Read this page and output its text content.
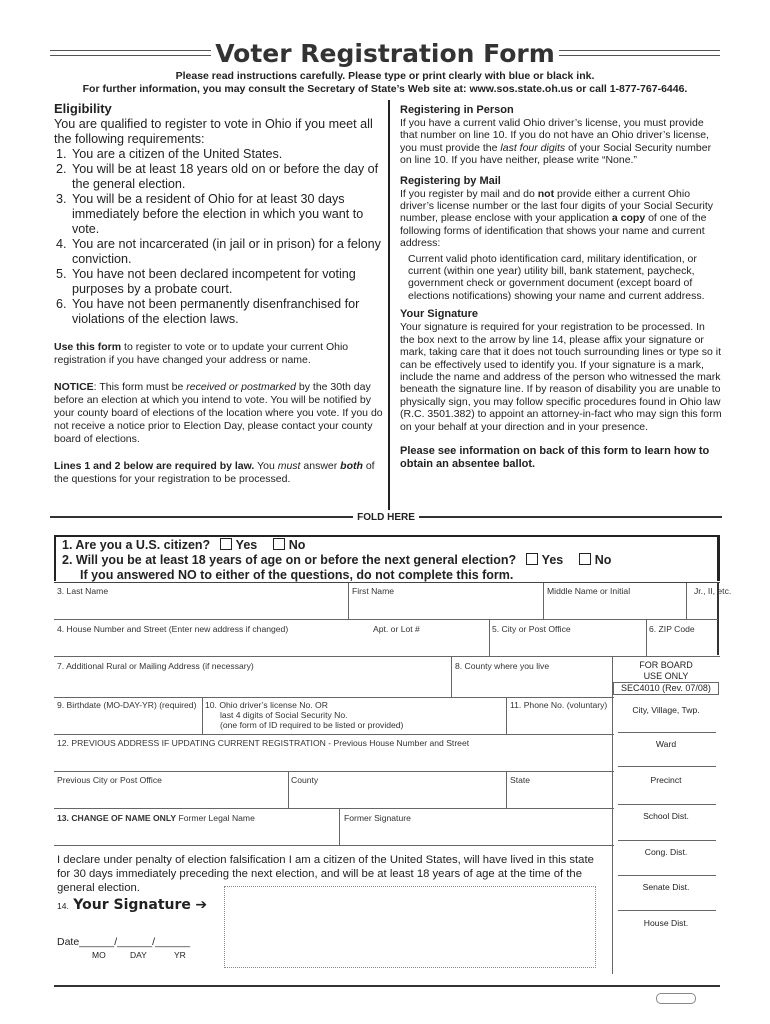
Voter Registration Form
Please read instructions carefully. Please type or print clearly with blue or black ink.
For further information, you may consult the Secretary of State’s Web site at: www.sos.state.oh.us or call 1-877-767-6446.
Eligibility
You are qualified to register to vote in Ohio if you meet all the following requirements:
1. You are a citizen of the United States.
2. You will be at least 18 years old on or before the day of the general election.
3. You will be a resident of Ohio for at least 30 days immediately before the election in which you want to vote.
4. You are not incarcerated (in jail or in prison) for a felony conviction.
5. You have not been declared incompetent for voting purposes by a probate court.
6. You have not been permanently disenfranchised for violations of the election laws.
Use this form to register to vote or to update your current Ohio registration if you have changed your address or name.
NOTICE: This form must be received or postmarked by the 30th day before an election at which you intend to vote. You will be notified by your county board of elections of the location where you vote. If you do not receive a notice prior to Election Day, please contact your county board of elections.
Lines 1 and 2 below are required by law. You must answer both of the questions for your registration to be processed.
Registering in Person
If you have a current valid Ohio driver’s license, you must provide that number on line 10. If you do not have an Ohio driver’s license, you must provide the last four digits of your Social Security number on line 10. If you have neither, please write “None.”
Registering by Mail
If you register by mail and do not provide either a current Ohio driver’s license number or the last four digits of your Social Security number, please enclose with your application a copy of one of the following forms of identification that shows your name and current address:
Current valid photo identification card, military identification, or current (within one year) utility bill, bank statement, paycheck, government check or government document (except board of elections notifications) showing your name and current address.
Your Signature
Your signature is required for your registration to be processed. In the box next to the arrow by line 14, please affix your signature or mark, taking care that it does not touch surrounding lines or type so it can be effectively used to identify you. If your signature is a mark, include the name and address of the person who witnessed the mark beneath the signature line. If by reason of disability you are unable to physically sign, you may follow specific procedures found in Ohio law (R.C. 3501.382) to appoint an attorney-in-fact who may sign this form on your behalf at your direction and in your presence.
Please see information on back of this form to learn how to obtain an absentee ballot.
FOLD HERE
1. Are you a U.S. citizen? Yes	No
2. Will you be at least 18 years of age on or before the next general election? Yes	No
If you answered NO to either of the questions, do not complete this form.
3. Last Name	First Name	Middle Name or Initial	Jr., II, etc.
4. House Number and Street (Enter new address if changed)	Apt. or Lot #	5. City or Post Office	6. ZIP Code
7. Additional Rural or Mailing Address (if necessary)	8. County where you live
9. Birthdate (MO-DAY-YR) (required) 10. Ohio driver’s license No. OR
last 4 digits of Social Security No.
(one form of ID required to be listed or provided)
11. Phone No. (voluntary)
12. PREVIOUS ADDRESS IF UPDATING CURRENT REGISTRATION - Previous House Number and Street
Previous City or Post Office	County	State
13. CHANGE OF NAME ONLY Former Legal Name	Former Signature
FOR BOARD
USE ONLY
SEC4010 (Rev. 07/08)
City, Village, Twp.
Ward
Precinct
School Dist.
Cong. Dist.
Senate Dist.
House Dist.
I declare under penalty of election falsification I am a citizen of the United States, will have lived in this state for 30 days immediately preceding the next election, and will be at least 18 years of age at the time of the general election.
14. Your Signature ➔
Date______/______/______
MO	DAY	YR
